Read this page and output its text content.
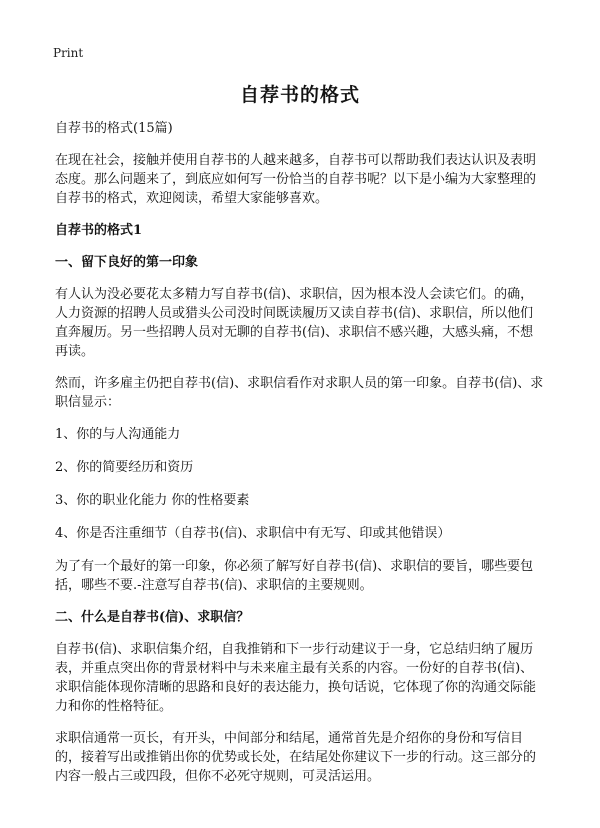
Print
自荐书的格式

自荐书的格式(15篇)

在现在社会，接触并使用自荐书的人越来越多，自荐书可以帮助我们表达认识及表明态度。那么问题来了，到底应如何写一份恰当的自荐书呢？以下是小编为大家整理的自荐书的格式，欢迎阅读，希望大家能够喜欢。

自荐书的格式1

一、留下良好的第一印象

有人认为没必要花太多精力写自荐书(信)、求职信，因为根本没人会读它们。的确，人力资源的招聘人员或猎头公司没时间既读履历又读自荐书(信)、求职信，所以他们直奔履历。另一些招聘人员对无聊的自荐书(信)、求职信不感兴趣，大感头痛，不想再读。

然而，许多雇主仍把自荐书(信)、求职信看作对求职人员的第一印象。自荐书(信)、求职信显示：

1、你的与人沟通能力

2、你的简要经历和资历

3、你的职业化能力 你的性格要素

4、你是否注重细节（自荐书(信)、求职信中有无写、印或其他错误）

为了有一个最好的第一印象，你必须了解写好自荐书(信)、求职信的要旨，哪些要包括，哪些不要.-注意写自荐书(信)、求职信的主要规则。

二、什么是自荐书(信)、求职信？

自荐书(信)、求职信集介绍，自我推销和下一步行动建议于一身，它总结归纳了履历表，并重点突出你的背景材料中与未来雇主最有关系的内容。一份好的自荐书(信)、求职信能体现你清晰的思路和良好的表达能力，换句话说，它体现了你的沟通交际能力和你的性格特征。

求职信通常一页长，有开头，中间部分和结尾，通常首先是介绍你的身份和写信目的，接着写出或推销出你的优势或长处，在结尾处你建议下一步的行动。这三部分的内容一般占三或四段，但你不必死守规则，可灵活运用。
